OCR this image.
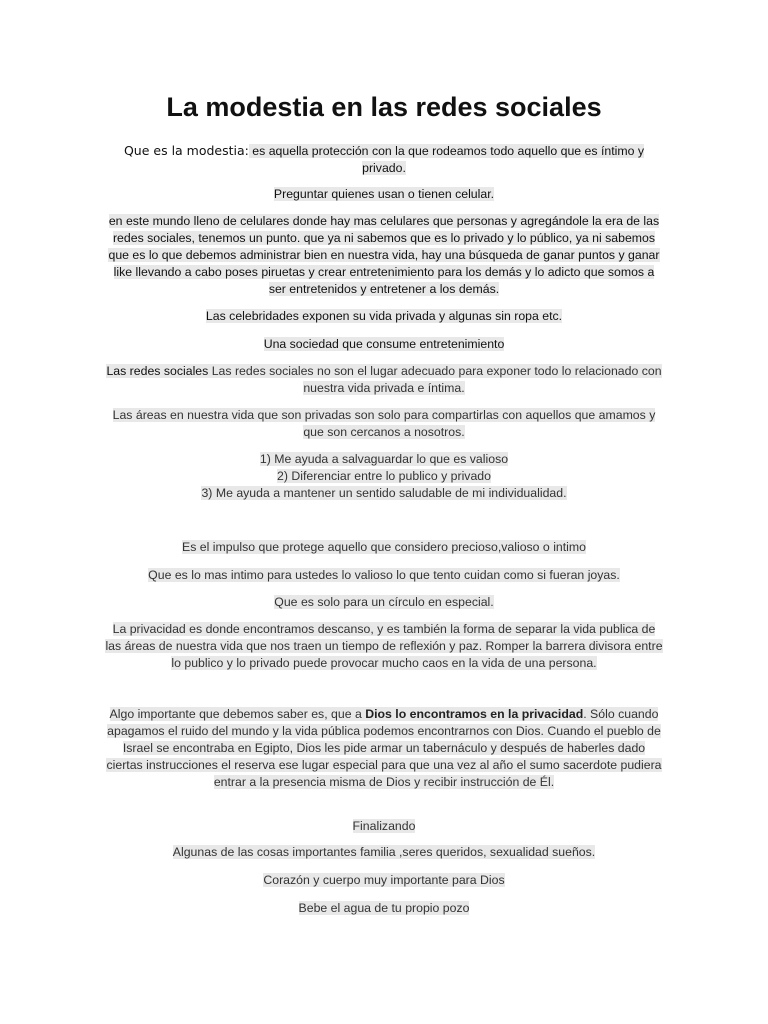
La modestia en las redes sociales

Que es la modestia: es aquella protección con la que rodeamos todo aquello que es íntimo y privado.

Preguntar quienes usan o tienen celular.

en este mundo lleno de celulares donde hay mas celulares que personas y agregándole la era de las redes sociales, tenemos un punto. que ya ni sabemos que es lo privado y lo público, ya ni sabemos que es lo que debemos administrar bien en nuestra vida, hay una búsqueda de ganar puntos y ganar like llevando a cabo poses piruetas y crear entretenimiento para los demás y lo adicto que somos a ser entretenidos y entretener a los demás.

Las celebridades exponen su vida privada y algunas sin ropa etc.

Una sociedad que consume entretenimiento

Las redes sociales Las redes sociales no son el lugar adecuado para exponer todo lo relacionado con nuestra vida privada e íntima.

Las áreas en nuestra vida que son privadas son solo para compartirlas con aquellos que amamos y que son cercanos a nosotros.

1) Me ayuda a salvaguardar lo que es valioso
2) Diferenciar entre lo publico y privado
3) Me ayuda a mantener un sentido saludable de mi individualidad.

Es el impulso que protege aquello que considero precioso,valioso o intimo

Que es lo mas intimo para ustedes lo valioso lo que tento cuidan como si fueran joyas.

Que es solo para un círculo en especial.

La privacidad es donde encontramos descanso, y es también la forma de separar la vida publica de las áreas de nuestra vida que nos traen un tiempo de reflexión y paz. Romper la barrera divisora entre lo publico y lo privado puede provocar mucho caos en la vida de una persona.

Algo importante que debemos saber es, que a Dios lo encontramos en la privacidad. Sólo cuando apagamos el ruido del mundo y la vida pública podemos encontrarnos con Dios. Cuando el pueblo de Israel se encontraba en Egipto, Dios les pide armar un tabernáculo y después de haberles dado ciertas instrucciones el reserva ese lugar especial para que una vez al año el sumo sacerdote pudiera entrar a la presencia misma de Dios y recibir instrucción de Él.

Finalizando

Algunas de las cosas importantes familia ,seres queridos, sexualidad sueños.

Corazón y cuerpo muy importante para Dios

Bebe el agua de tu propio pozo
